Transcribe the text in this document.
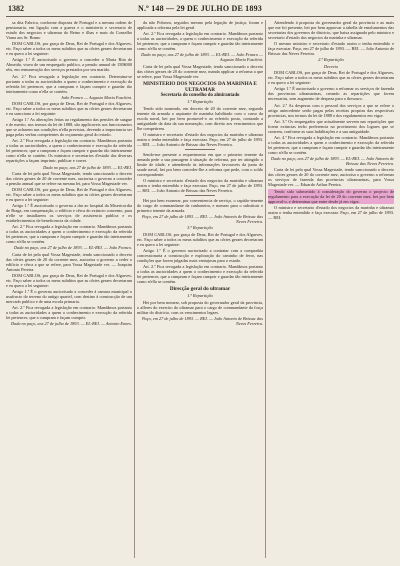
1382	N.º 148 — 29 DE JULHO DE 1893

sa dita Fabrica, conforme disposta de Portugal e a mesma ordem de pensionaria, em ligação com a guerra e o ministerio e secretario de estado dos negocios e ultramar do Reino e ilhas e mais do Conselho Viana aos Sr. Bruno

DOM CARLOS, por graça de Deus, Rei de Portugal e dos Algarves, etc. Faço saber a todos os meus subditos que as côrtes geraes decretaram e eu quero a lei seguinte:

Artigo 1.º É auctorisado o governo a conceder a Maria Rita de Almeida, viuva de um empregado publico, a pensão annual de 150$000 réis, em remuneração dos serviços prestados por seu marido.

Art. 2.º Fica revogada a legislação em contrario. Determina-se portanto a todas as auctoridades a quem o conhecimento e execução da referida lei pertencer, que a cumpram e façam cumprir e guardar tão inteiramente como n'ella se contém.

João Franco — Augusto Maria Fuschini.

DOM CARLOS, por graça de Deus, Rei de Portugal e dos Algarves, etc. Faço saber a todos os meus subditos que as côrtes geraes decretaram e eu sancciono a lei seguinte:

Artigo 1.º As alterações feitas ao regulamento das pensões de sangue e de merito, nos termos da lei de 1888, são applicaveis aos funccionarios que se acharem nas condições n'ella previstas, devendo a importancia ser paga pelas verbas competentes do orçamento geral do estado.

Art. 2.º Fica revogada a legislação em contrario. Mandâmos portanto a todas as auctoridades, a quem o conhecimento e execução da referida lei pertencer, que a cumpram e façam cumprir e guardar tão inteiramente como n'ella se contém. Os ministros e secretarios d'estado das diversas repartições a façam imprimir, publicar e correr.

Dada no paço, aos 27 de julho de 1893. — EL-REI.

Carta de lei pela qual Vossa Magestade, tendo sanccionado o decreto das côrtes geraes de 20 de corrente mez, auctorisa o governo a conceder a pensão annual que se refere na mesma lei, para Vossa Magestade ver.

DOM CARLOS, por graça de Deus, Rei de Portugal e dos Algarves, etc. Faço saber a todos os meus subditos que as côrtes geraes decretaram e eu quero a lei seguinte:

Artigo 1.º É auctorisado o governo a dar ao hospital da Misericordia de Braga, em compensação, o edificio e cêrca do extincto convento, para n'elle se installarem os serviços de assistencia publica e os estabelecimentos de beneficencia da cidade.

Art. 2.º Fica revogada a legislação em contrario. Mandâmos portanto a todas as auctoridades a quem o conhecimento e execução da referida lei pertencer, que a cumpram e façam cumprir e guardar tão inteiramente como n'ella se contém.

Dada no paço, aos 27 de julho de 1893. — EL-REI. — João Franco.

Carta de lei pela qual Vossa Magestade, tendo sanccionado o decreto das côrtes geraes de 20 do corrente mez, auctorisa o governo a ceder o edificio e cêrca a que se refere, para Vossa Magestade ver. — Joaquim Antonio Pereira.

DOM CARLOS, por graça de Deus, Rei de Portugal e dos Algarves, etc. Faço saber a todos os meus subditos que as côrtes geraes decretaram e eu quero a lei seguinte:

Artigo 1.º É o governo auctorisado a conceder á camara municipal o usufructo do terreno do antigo quartel, com destino á construcção de um mercado publico e de uma escola primaria.

Art. 2.º Fica revogada a legislação em contrario. Mandâmos portanto a todas as auctoridades a quem o conhecimento e execução da referida lei pertencer, que a cumpram e façam cumprir.

Dada no paço, aos 27 de julho de 1893. — EL-REI. — Antonio Ennes.

da não Pobreza, seguidos mesmo pela legação de justiça, foram e applicada a reforma pela lei geral.

Art. 2.º Fica revogada a legislação em contrario. Mandâmos portanto a todas as auctoridades, a quem o conhecimento e execução da referida lei pertencer, que a cumpram e façam cumprir e guardar tão inteiramente como n'ella se contém.

Dada no paço, aos 27 de julho de 1893. — EL-REI. — João Franco — Augusto Maria Fuschini.

Carta de lei pela qual Vossa Magestade, tendo sanccionado o decreto das côrtes geraes de 20 do corrente mez, manda applicar a reforma a que se refere, para Vossa Magestade ver.

MINISTERIO DOS NEGOCIOS DA MARINHA E ULTRAMAR

Secretaria do conselho do almirantado

1.ª Repartição

Tendo sido nomeado, em decreto de 20 do corrente mez, segundo tenente da armada o aspirante de marinha habilitado com o curso da escola naval, hei por bem promovel-o ao referido posto, contando a antiguidade da data da sua nomeação, com direito aos vencimentos que lhe competirem.

O ministro e secretario d'estado dos negocios da marinha e ultramar assim o tenha entendido e faça executar. Paço, em 27 de julho de 1893. — REI. — João Antonio de Brissac das Neves Ferreira.

Sendo-me presente o requerimento em que o primeiro tenente da armada pede a sua passagem á situação de reforma, por ter attingido o limite de idade, e attendendo ás informações favoraveis da junta de saude naval, hei por bem conceder-lhe a reforma que pede, com o soldo correspondente.

O ministro e secretario d'estado dos negocios da marinha e ultramar assim o tenha entendido e faça executar. Paço, em 27 de julho de 1893. — REI. — João Antonio de Brissac das Neves Ferreira.

Hei por bem exonerar, por conveniencia de serviço, o capitão-tenente do cargo de commandante da canhoneira, e nomear para o substituir o primeiro tenente da armada.

Paço, em 27 de julho de 1893. — REI. — João Antonio de Brissac das Neves Ferreira.

3.ª Repartição

DOM CARLOS, por graça de Deus, Rei de Portugal e dos Algarves, etc. Faço saber a todos os meus subditos que as côrtes geraes decretaram e eu quero a lei seguinte:

Artigo 1.º É o governo auctorisado a contratar com a companhia concessionaria a construcção e exploração do caminho de ferro, nas condições que forem julgadas mais vantajosas para o estado.

Art. 2.º Fica revogada a legislação em contrario. Mandâmos portanto a todas as auctoridades a quem o conhecimento e execução da referida lei pertencer, que a cumpram e façam cumprir e guardar tão inteiramente como n'ella se contém.

Direcção geral do ultramar

1.ª Repartição

Hei por bem nomear, sob proposta do governador geral da provincia, o alferes do exercito do ultramar para o cargo de commandante da força militar do districto, com os vencimentos legaes.

Paço, em 27 de julho de 1893. — REI. — João Antonio de Brissac das Neves Ferreira.

Attendendo á proposta do governador geral da provincia e ao mais que me foi presente, hei por bem approvar a tabella de emolumentos das secretarias dos governos de districto, que baixa assignada pelo ministro e secretario d'estado dos negocios da marinha e ultramar.

O mesmo ministro e secretario d'estado assim o tenha entendido e faça executar. Paço, em 27 de julho de 1893. — REI. — João Antonio de Brissac das Neves Ferreira.

2.ª Repartição

Decreto

DOM CARLOS, por graça de Deus, Rei de Portugal e dos Algarves, etc. Faço saber a todos os meus subditos que as côrtes geraes decretaram e eu quero a lei seguinte:

Artigo 1.º É auctorisado o governo a reformar os serviços de fazenda das provincias ultramarinas, creando as repartições que forem necessarias, sem augmento de despeza para o thesouro.

Art. 2.º As despezas com o pessoal dos serviços a que se refere o artigo antecedente serão pagas pelas receitas proprias das respectivas provincias, nos termos da lei de 1888 e dos regulamentos em vigor.

Art. 3.º Os empregados que actualmente servem nas repartições que forem extinctas terão preferencia no provimento dos logares que se crearem, conforme as suas habilitações e a sua antiguidade.

Art. 4.º Fica revogada a legislação em contrario. Mandâmos portanto a todas as auctoridades a quem o conhecimento e execução da referida lei pertencer, que a cumpram e façam cumprir e guardar tão inteiramente como n'ella se contém.

Dada no paço, aos 27 de julho de 1893. — EL-REI. — João Antonio de Brissac das Neves Ferreira.

Carta de lei pela qual Vossa Magestade, tendo sanccionado o decreto das côrtes geraes de 20 do corrente mez, auctorisa o governo a reformar os serviços de fazenda das provincias ultramarinas, para Vossa Magestade ver. — Eduardo Arthur Pereira.

Tendo sido submettido á consideração do governo o projecto de regulamento para a execução da lei de 20 do corrente mez, hei por bem approval-o, e determinar que entre desde já em vigor.

O ministro e secretario d'estado dos negocios da marinha e ultramar assim o tenha entendido e faça executar. Paço, em 27 de julho de 1893. — REI.
